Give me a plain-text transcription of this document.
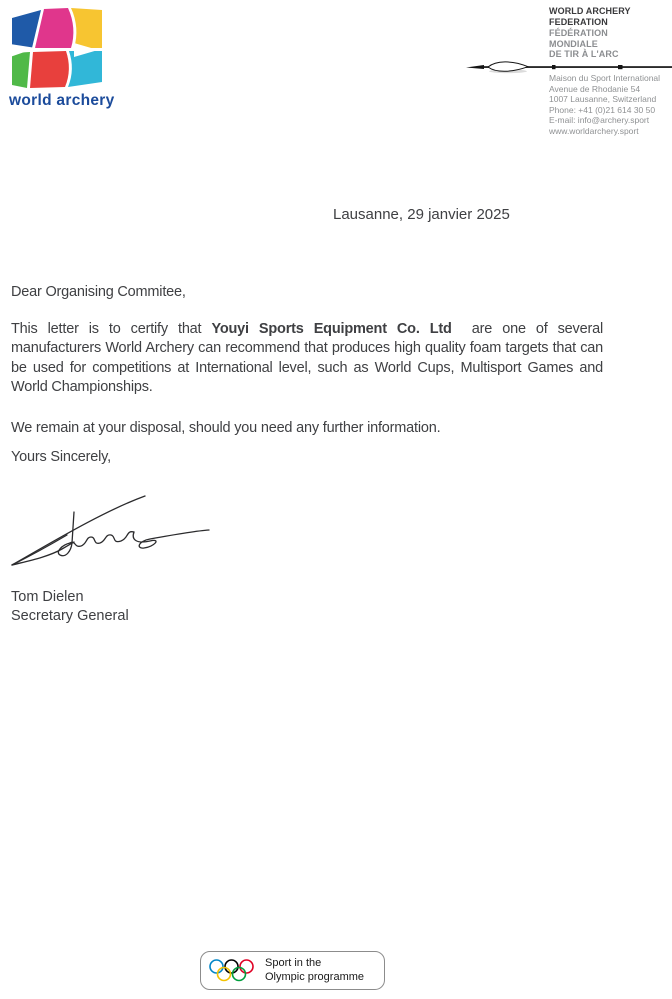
world archery
WORLD ARCHERY
FEDERATION
FÉDÉRATION
MONDIALE
DE TIR À L'ARC
Maison du Sport International
Avenue de Rhodanie 54
1007 Lausanne, Switzerland
Phone: +41 (0)21 614 30 50
E-mail: info@archery.sport
www.worldarchery.sport
Lausanne, 29 janvier 2025
Dear Organising Commitee,

This letter is to certify that Youyi Sports Equipment Co. Ltd  are one of several manufacturers World Archery can recommend that produces high quality foam targets that can be used for competitions at International level, such as World Cups, Multisport Games and World Championships.

We remain at your disposal, should you need any further information.
Yours Sincerely,
Tom Dielen
Secretary General
Sport in the
Olympic programme
